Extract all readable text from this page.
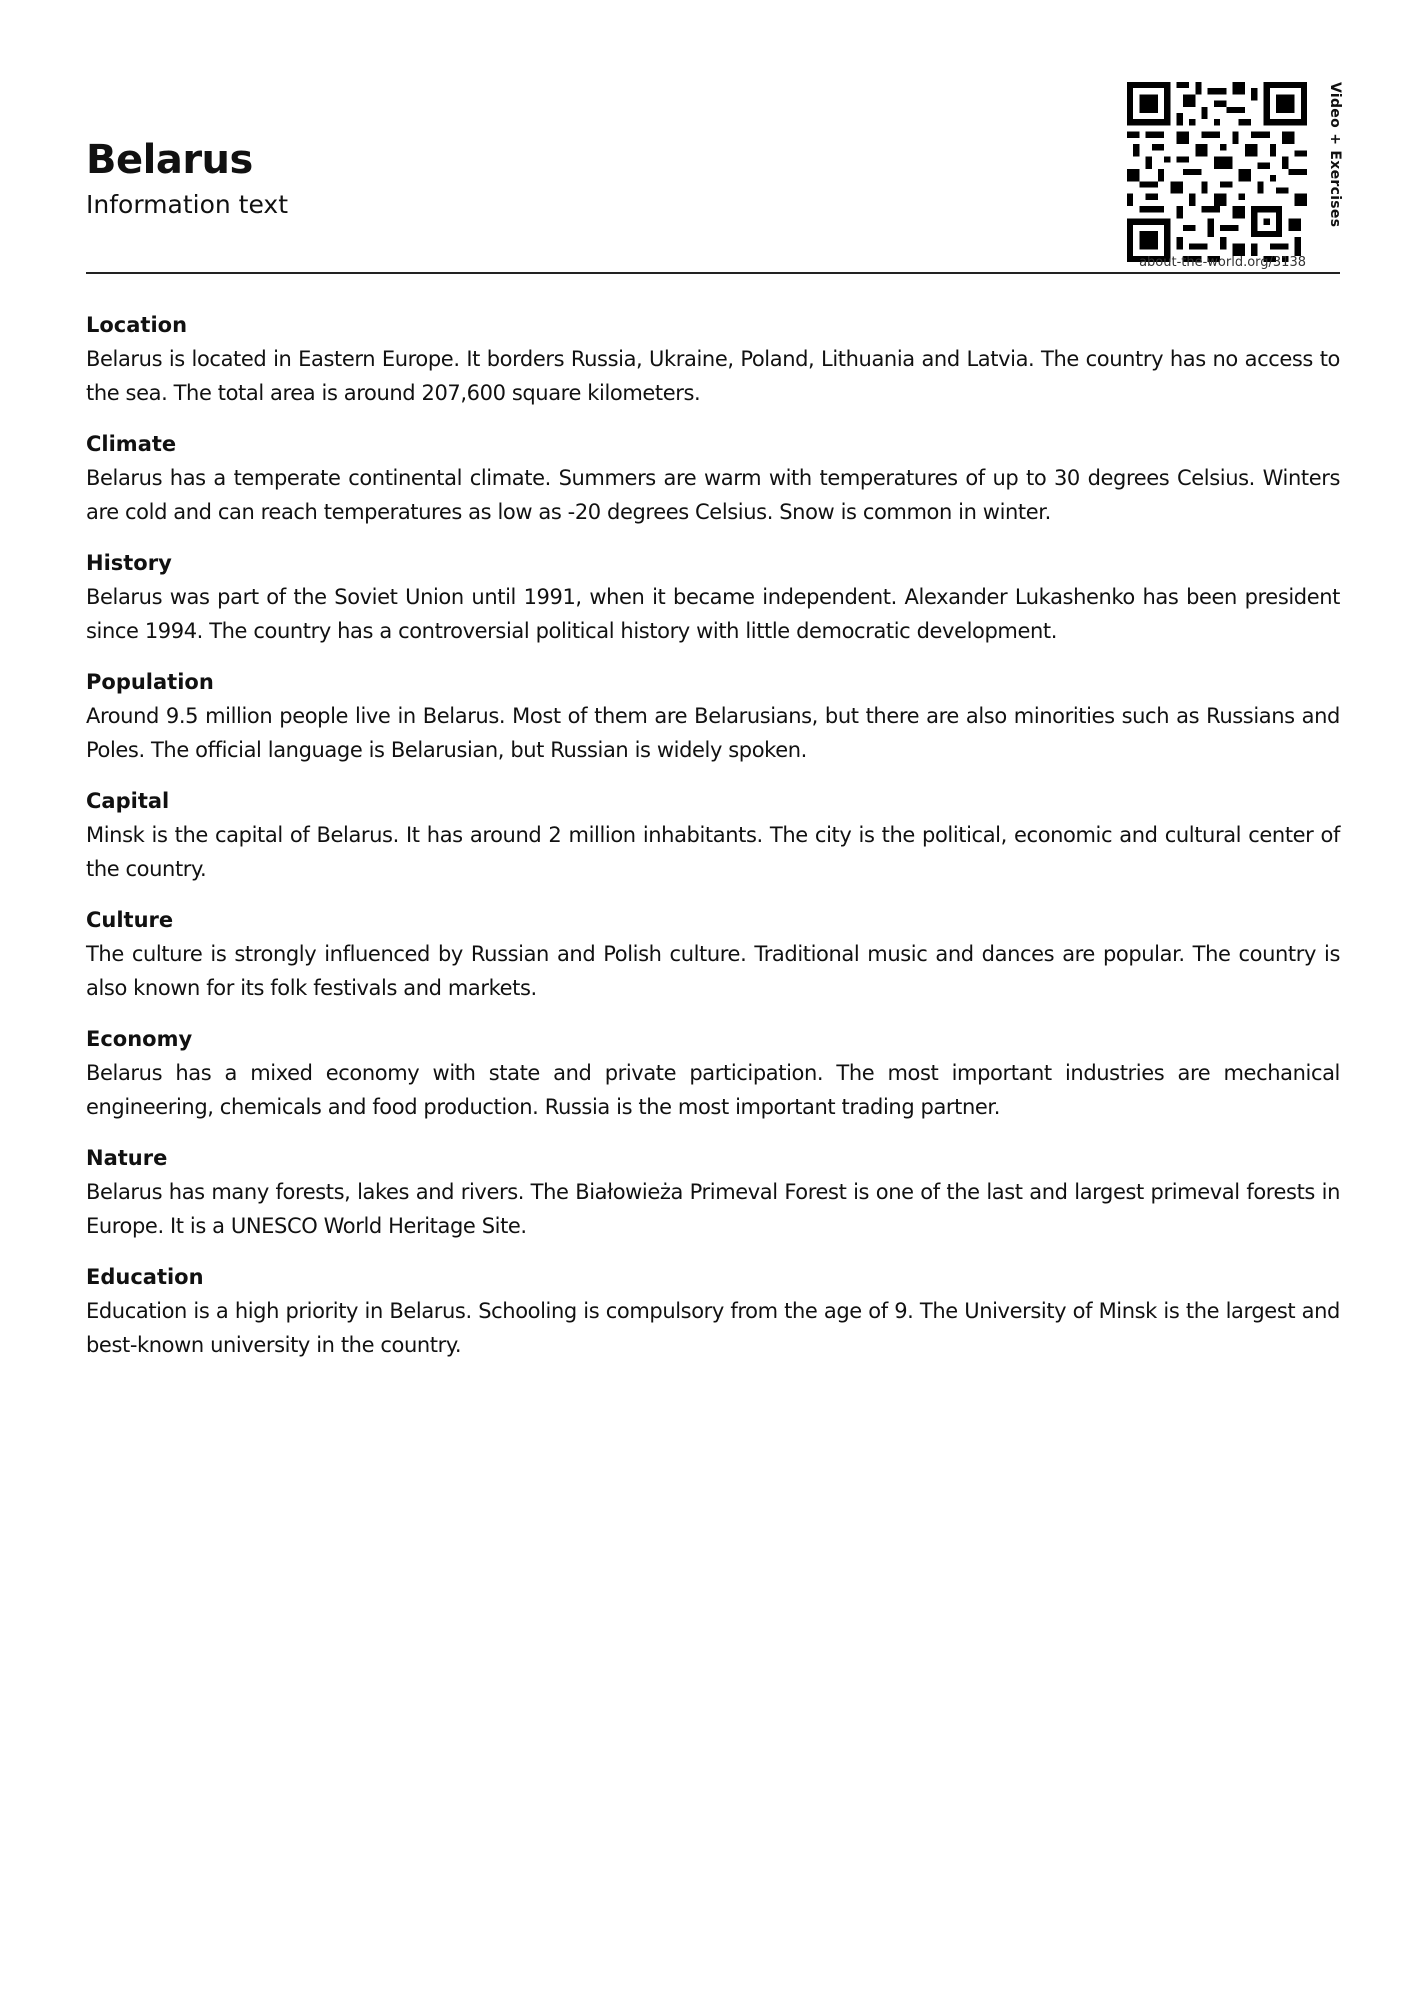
Belarus
Information text
about-the-world.org/3138
Video + Exercises
Location

Belarus is located in Eastern Europe. It borders Russia, Ukraine, Poland, Lithuania and Latvia. The country has no access to the sea. The total area is around 207,600 square kilometers.

Climate

Belarus has a temperate continental climate. Summers are warm with temperatures of up to 30 degrees Celsius. Winters are cold and can reach temperatures as low as -20 degrees Celsius. Snow is common in winter.

History

Belarus was part of the Soviet Union until 1991, when it became independent. Alexander Lukashenko has been president since 1994. The country has a controversial political history with little democratic development.

Population

Around 9.5 million people live in Belarus. Most of them are Belarusians, but there are also minorities such as Russians and Poles. The official language is Belarusian, but Russian is widely spoken.

Capital

Minsk is the capital of Belarus. It has around 2 million inhabitants. The city is the political, economic and cultural center of the country.

Culture

The culture is strongly influenced by Russian and Polish culture. Traditional music and dances are popular. The country is also known for its folk festivals and markets.

Economy

Belarus has a mixed economy with state and private participation. The most important industries are mechanical engineering, chemicals and food production. Russia is the most important trading partner.

Nature

Belarus has many forests, lakes and rivers. The Białowieża Primeval Forest is one of the last and largest primeval forests in Europe. It is a UNESCO World Heritage Site.

Education

Education is a high priority in Belarus. Schooling is compulsory from the age of 9. The University of Minsk is the largest and best-known university in the country.
